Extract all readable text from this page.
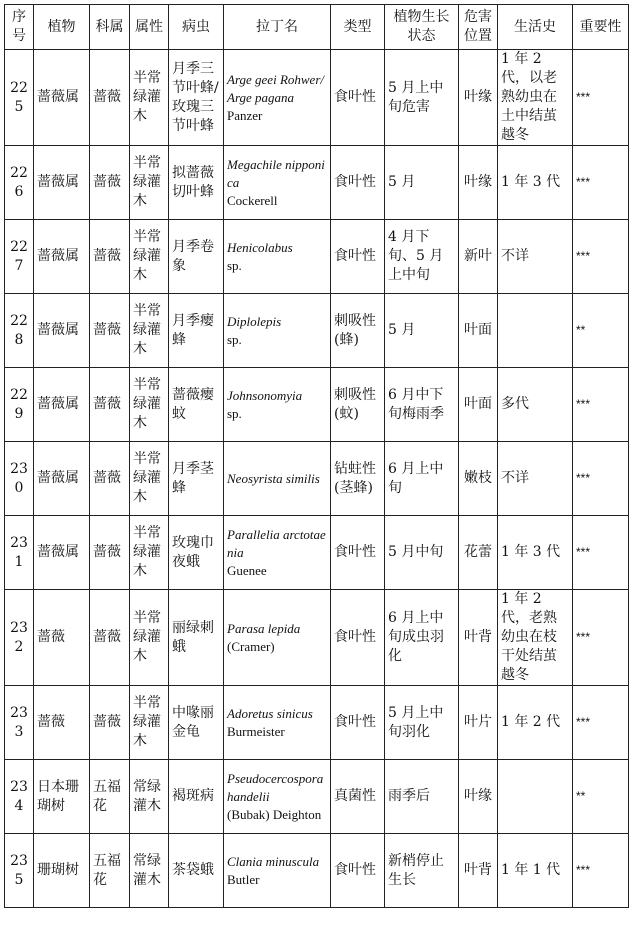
序号	植物	科属	属性	病虫	拉丁名	类型	植物生长状态	危害位置	生活史	重要性
225	蔷薇属	蔷薇	半常绿灌木	月季三节叶蜂/玫瑰三节叶蜂	Arge geei Rohwer/ Arge pagana
Panzer	食叶性	5 月上中旬危害	叶缘	1 年 2 代，以老熟幼虫在土中结茧越冬	***
226	蔷薇属	蔷薇	半常绿灌木	拟蔷薇切叶蜂	Megachile nipponica
Cockerell	食叶性	5 月	叶缘	1 年 3 代	***
227	蔷薇属	蔷薇	半常绿灌木	月季卷象	Henicolabus
sp.	食叶性	4 月下旬、5 月上中旬	新叶	不详	***
228	蔷薇属	蔷薇	半常绿灌木	月季瘿蜂	Diplolepis
sp.	刺吸性(蜂)	5 月	叶面		**
229	蔷薇属	蔷薇	半常绿灌木	蔷薇瘿蚊	Johnsonomyia
sp.	刺吸性(蚊)	6 月中下旬梅雨季	叶面	多代	***
230	蔷薇属	蔷薇	半常绿灌木	月季茎蜂	Neosyrista similis	钻蛀性(茎蜂)	6 月上中旬	嫩枝	不详	***
231	蔷薇属	蔷薇	半常绿灌木	玫瑰巾夜蛾	Parallelia arctotaenia
Guenee	食叶性	5 月中旬	花蕾	1 年 3 代	***
232	蔷薇	蔷薇	半常绿灌木	丽绿刺蛾	Parasa lepida
(Cramer)	食叶性	6 月上中旬成虫羽化	叶背	1 年 2 代，老熟幼虫在枝干处结茧越冬	***
233	蔷薇	蔷薇	半常绿灌木	中喙丽金龟	Adoretus sinicus
Burmeister	食叶性	5 月上中旬羽化	叶片	1 年 2 代	***
234	日本珊瑚树	五福花	常绿灌木	褐斑病	Pseudocercospora handelii
(Bubak) Deighton	真菌性	雨季后	叶缘		**
235	珊瑚树	五福花	常绿灌木	茶袋蛾	Clania minuscula
Butler	食叶性	新梢停止生长	叶背	1 年 1 代	***
